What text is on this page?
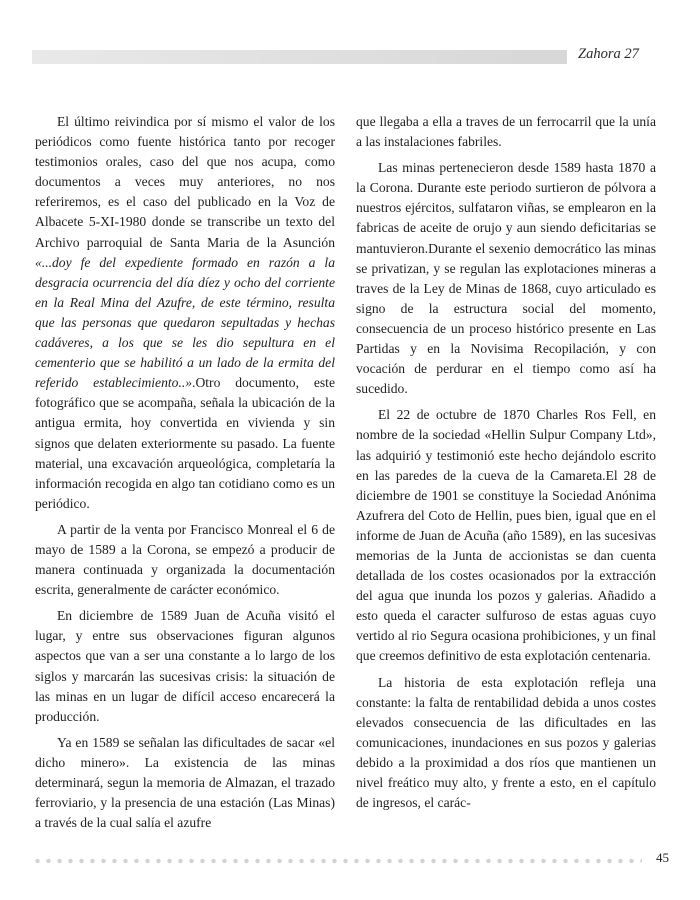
Zahora 27

El último reivindica por sí mismo el valor de los periódicos como fuente histórica tanto por recoger testimonios orales, caso del que nos acupa, como documentos a veces muy anteriores, no nos referiremos, es el caso del publicado en la Voz de Albacete 5-XI-1980 donde se transcribe un texto del Archivo parroquial de Santa Maria de la Asunción «...doy fe del expediente formado en razón a la desgracia ocurrencia del día díez y ocho del corriente en la Real Mina del Azufre, de este término, resulta que las personas que quedaron sepultadas y hechas cadáveres, a los que se les dio sepultura en el cementerio que se habilitó a un lado de la ermita del referido establecimiento..».Otro documento, este fotográfico que se acompaña, señala la ubicación de la antigua ermita, hoy convertida en vivienda y sin signos que delaten exteriormente su pasado. La fuente material, una excavación arqueológica, completaría la información recogida en algo tan cotidiano como es un periódico.

A partir de la venta por Francisco Monreal el 6 de mayo de 1589 a la Corona, se empezó a producir de manera continuada y organizada la documentación escrita, generalmente de carácter económico.

En diciembre de 1589 Juan de Acuña visitó el lugar, y entre sus observaciones figuran algunos aspectos que van a ser una constante a lo largo de los siglos y marcarán las sucesivas crisis: la situación de las minas en un lugar de difícil acceso encarecerá la producción.

Ya en 1589 se señalan las dificultades de sacar «el dicho minero». La existencia de las minas determinará, segun la memoria de Almazan, el trazado ferroviario, y la presencia de una estación (Las Minas) a través de la cual salía el azufre

que llegaba a ella a traves de un ferrocarril que la unía a las instalaciones fabriles.

Las minas pertenecieron desde 1589 hasta 1870 a la Corona. Durante este periodo surtieron de pólvora a nuestros ejércitos, sulfataron viñas, se emplearon en la fabricas de aceite de orujo y aun siendo deficitarias se mantuvieron.Durante el sexenio democrático las minas se privatizan, y se regulan las explotaciones mineras a traves de la Ley de Minas de 1868, cuyo articulado es signo de la estructura social del momento, consecuencia de un proceso histórico presente en Las Partidas y en la Novisima Recopilación, y con vocación de perdurar en el tiempo como así ha sucedido.

El 22 de octubre de 1870 Charles Ros Fell, en nombre de la sociedad «Hellin Sulpur Company Ltd», las adquirió y testimonió este hecho dejándolo escrito en las paredes de la cueva de la Camareta.El 28 de diciembre de 1901 se constituye la Sociedad Anónima Azufrera del Coto de Hellin, pues bien, igual que en el informe de Juan de Acuña (año 1589), en las sucesivas memorias de la Junta de accionistas se dan cuenta detallada de los costes ocasionados por la extracción del agua que inunda los pozos y galerias. Añadido a esto queda el caracter sulfuroso de estas aguas cuyo vertido al rio Segura ocasiona prohibiciones, y un final que creemos definitivo de esta explotación centenaria.

La historia de esta explotación refleja una constante: la falta de rentabilidad debida a unos costes elevados consecuencia de las dificultades en las comunicaciones, inundaciones en sus pozos y galerias debido a la proximidad a dos ríos que mantienen un nivel freático muy alto, y frente a esto, en el capítulo de ingresos, el carác-

45
